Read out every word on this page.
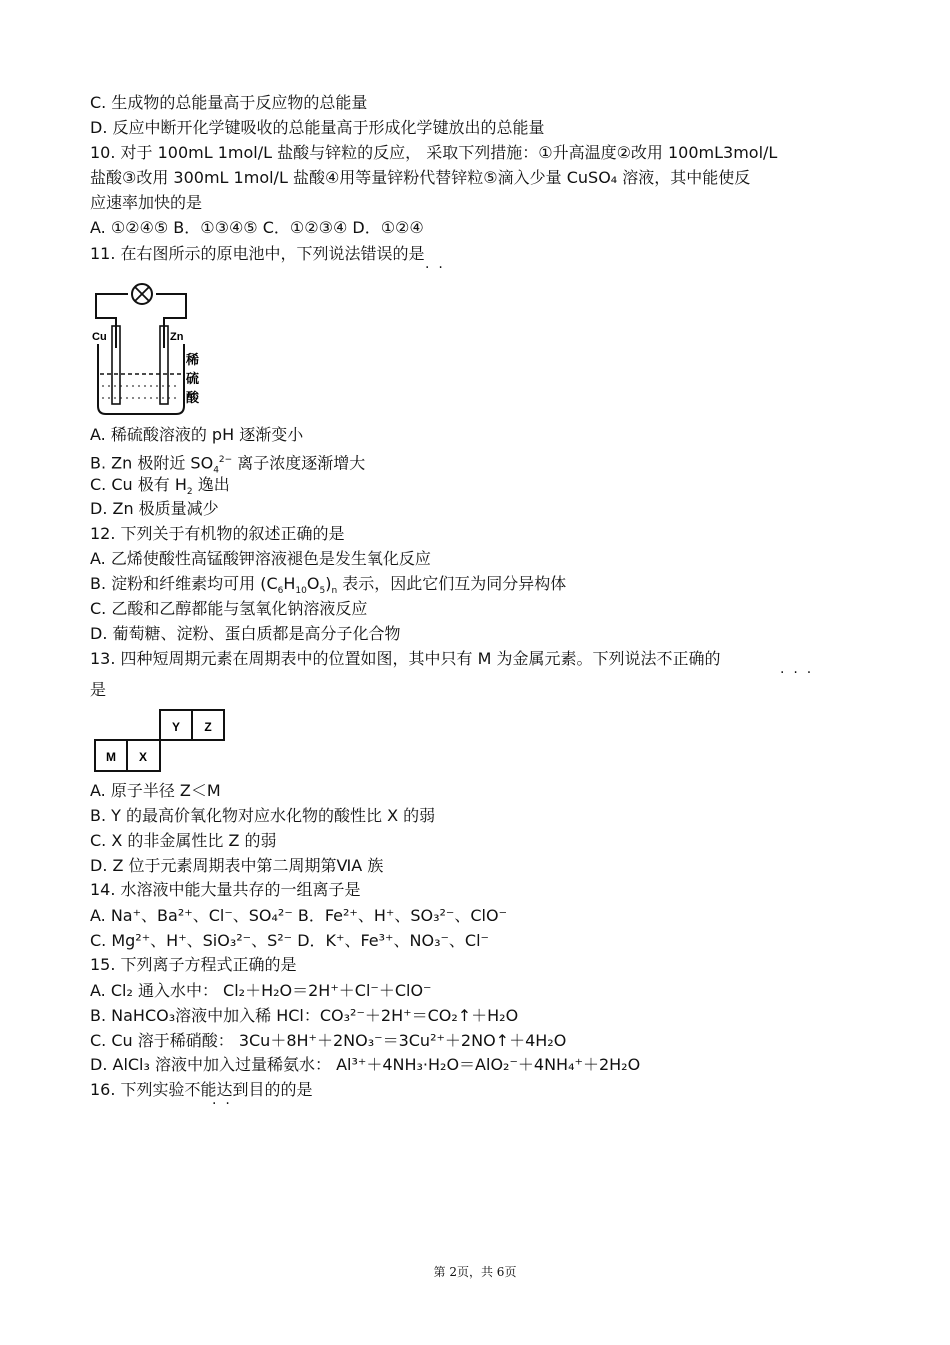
C. 生成物的总能量高于反应物的总能量
D. 反应中断开化学键吸收的总能量高于形成化学键放出的总能量
10. 对于 100mL 1mol/L 盐酸与锌粒的反应， 采取下列措施：①升高温度②改用 100mL3mol/L
盐酸③改用 300mL 1mol/L 盐酸④用等量锌粉代替锌粒⑤滴入少量 CuSO₄ 溶液，其中能使反
应速率加快的是
A. ①②④⑤ B．①③④⑤ C．①②③④ D．①②④
11. 在右图所示的原电池中，下列说法错误的是
·  ·
Cu	Zn
稀
硫
酸
A. 稀硫酸溶液的 pH 逐渐变小
B. Zn 极附近 $SO_4^{2-}$ 离子浓度逐渐增大
C. Cu 极有 $H_2$ 逸出
D. Zn 极质量减少
12. 下列关于有机物的叙述正确的是
A. 乙烯使酸性高锰酸钾溶液褪色是发生氧化反应
B. 淀粉和纤维素均可用 $(C_6H_{10}O_5)_n$ 表示，因此它们互为同分异构体
C. 乙酸和乙醇都能与氢氧化钠溶液反应
D. 葡萄糖、淀粉、蛋白质都是高分子化合物
13. 四种短周期元素在周期表中的位置如图，其中只有 M 为金属元素。下列说法不正确的
·  ·  ·
是
Y Z
M X
A. 原子半径 Z＜M
B. Y 的最高价氧化物对应水化物的酸性比 X 的弱
C. X 的非金属性比 Z 的弱
D. Z 位于元素周期表中第二周期第ⅥA 族
14. 水溶液中能大量共存的一组离子是
A. Na⁺、Ba²⁺、Cl⁻、SO₄²⁻ B．Fe²⁺、H⁺、SO₃²⁻、ClO⁻
C. Mg²⁺、H⁺、SiO₃²⁻、S²⁻ D．K⁺、Fe³⁺、NO₃⁻、Cl⁻
15. 下列离子方程式正确的是
A. Cl₂ 通入水中： Cl₂＋H₂O＝2H⁺＋Cl⁻＋ClO⁻
B. NaHCO₃溶液中加入稀 HCl：CO₃²⁻＋2H⁺＝CO₂↑＋H₂O
C. Cu 溶于稀硝酸： 3Cu＋8H⁺＋2NO₃⁻＝3Cu²⁺＋2NO↑＋4H₂O
D. AlCl₃ 溶液中加入过量稀氨水： Al³⁺＋4NH₃·H₂O＝AlO₂⁻＋4NH₄⁺＋2H₂O
16. 下列实验不能达到目的的是
·  ·
第 2页，共 6页
